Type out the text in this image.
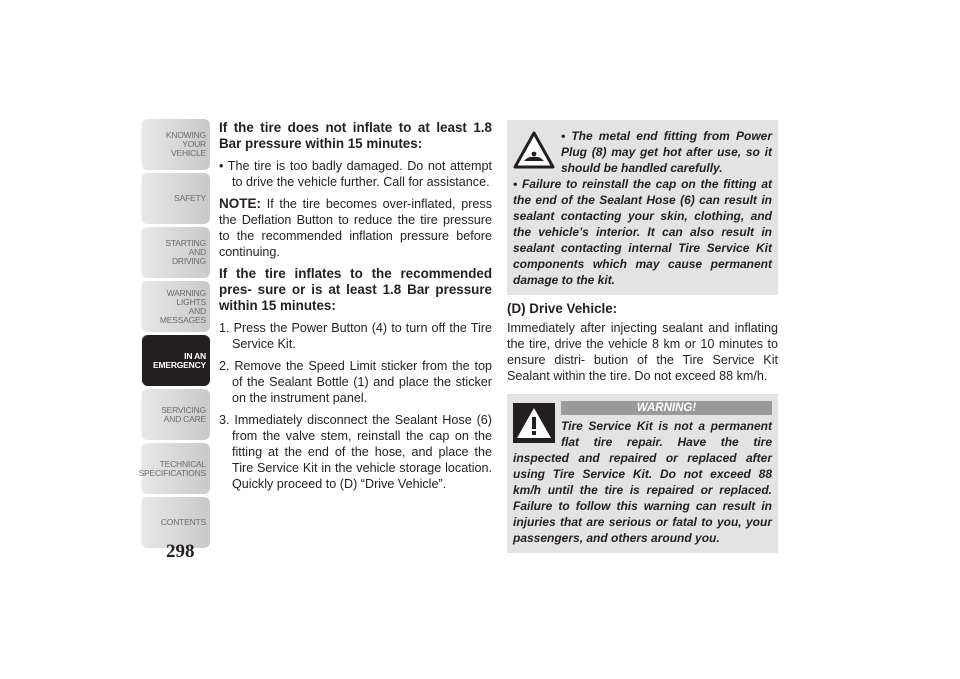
KNOWING
YOUR
VEHICLE
SAFETY
STARTING
AND
DRIVING
WARNING
LIGHTS
AND
MESSAGES
IN AN
EMERGENCY
SERVICING
AND CARE
TECHNICAL
SPECIFICATIONS
CONTENTS
298
If the tire does not inflate to at least 1.8 Bar pressure within 15 minutes:

• The tire is too badly damaged. Do not attempt to drive the vehicle further. Call for assistance.

NOTE: If the tire becomes over-inflated, press the Deflation Button to reduce the tire pressure to the recommended inflation pressure before continuing.

If the tire inflates to the recommended pres- sure or is at least 1.8 Bar pressure within 15 minutes:
1. Press the Power Button (4) to turn off the Tire Service Kit.
2. Remove the Speed Limit sticker from the top of the Sealant Bottle (1) and place the sticker on the instrument panel.
3. Immediately disconnect the Sealant Hose (6) from the valve stem, reinstall the cap on the fitting at the end of the hose, and place the Tire Service Kit in the vehicle storage location. Quickly proceed to (D) “Drive Vehicle”.
• The metal end fitting from Power Plug (8) may get hot after use, so it should be handled carefully.
• Failure to reinstall the cap on the fitting at the end of the Sealant Hose (6) can result in sealant contacting your skin, clothing, and the vehicle’s interior. It can also result in sealant contacting internal Tire Service Kit components which may cause permanent damage to the kit.
(D) Drive Vehicle:

Immediately after injecting sealant and inflating the tire, drive the vehicle 8 km or 10 minutes to ensure distri- bution of the Tire Service Kit Sealant within the tire. Do not exceed 88 km/h.

WARNING!
Tire Service Kit is not a permanent flat tire repair. Have the tire inspected and repaired or replaced after using Tire Service Kit. Do not exceed 88 km/h until the tire is repaired or replaced. Failure to follow this warning can result in injuries that are serious or fatal to you, your passengers, and others around you.
